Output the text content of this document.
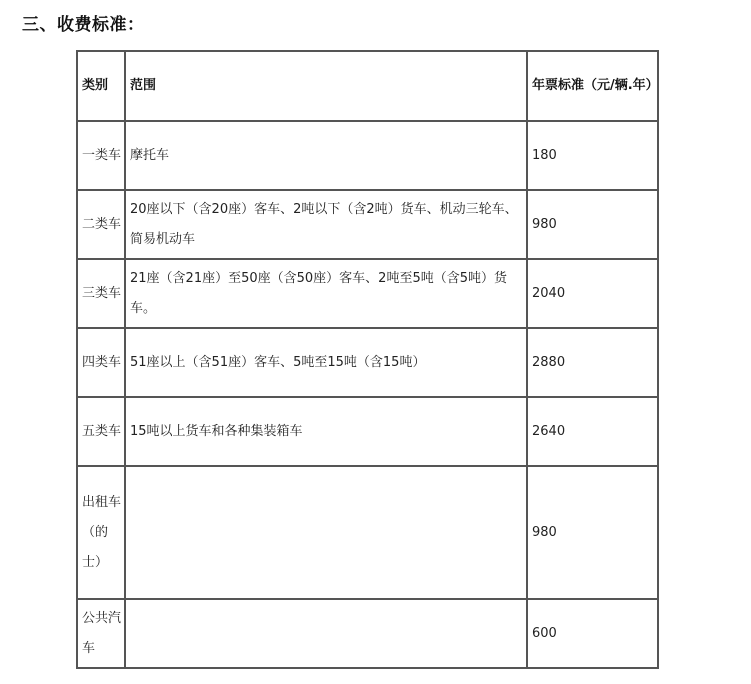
三、收费标准：
类别	范围	年票标准（元/辆.年）
一类车	摩托车	180
二类车	20座以下（含20座）客车、2吨以下（含2吨）货车、机动三轮车、简易机动车	980
三类车	21座（含21座）至50座（含50座）客车、2吨至5吨（含5吨）货车。	2040
四类车	51座以上（含51座）客车、5吨至15吨（含15吨）	2880
五类车	15吨以上货车和各种集装箱车	2640
出租车（的士）		980
公共汽车		600
